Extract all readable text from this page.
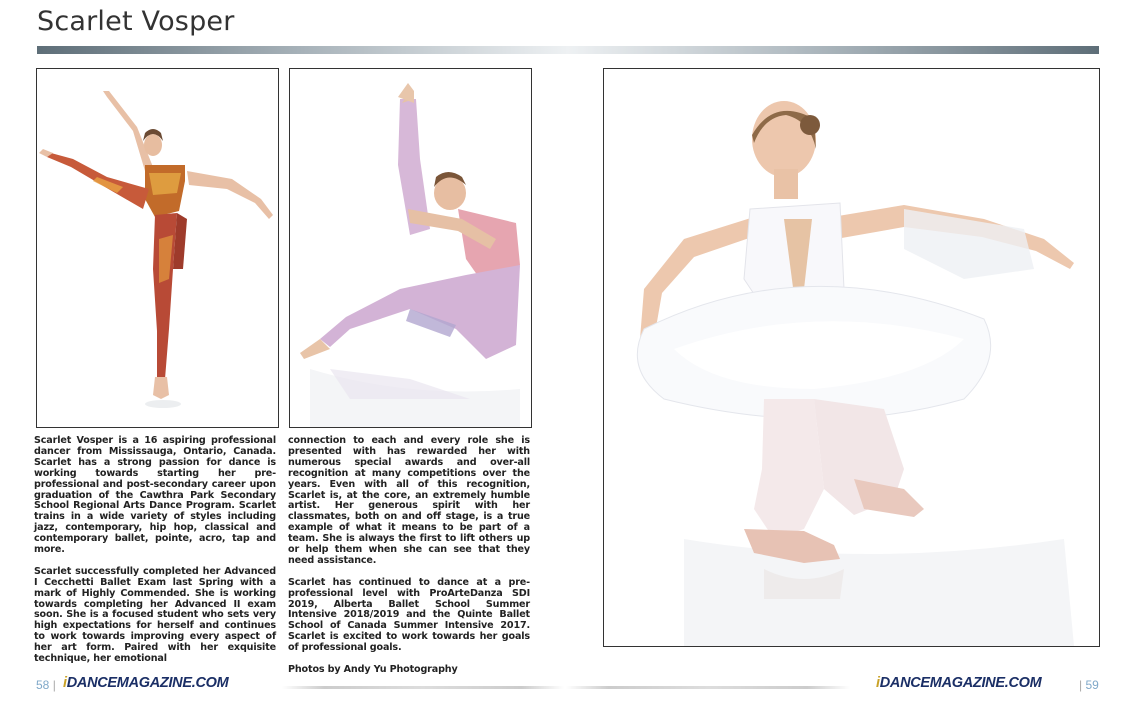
Scarlet Vosper

Scarlet Vosper is a 16 aspiring professional dancer from Mississauga, Ontario, Canada. Scarlet has a strong passion for dance is working towards starting her pre-professional and post-secondary career upon graduation of the Cawthra Park Secondary School Regional Arts Dance Program. Scarlet trains in a wide variety of styles including jazz, contemporary, hip hop, classical and contemporary ballet, pointe, acro, tap and more.

Scarlet successfully completed her Advanced I Cecchetti Ballet Exam last Spring with a mark of Highly Commended. She is working towards completing her Advanced II exam soon. She is a focused student who sets very high expectations for herself and continues to work towards improving every aspect of her art form. Paired with her exquisite technique, her emotional

connection to each and every role she is presented with has rewarded her with numerous special awards and over-all recognition at many competitions over the years. Even with all of this recognition, Scarlet is, at the core, an extremely humble artist. Her generous spirit with her classmates, both on and off stage, is a true example of what it means to be part of a team. She is always the first to lift others up or help them when she can see that they need assistance.

Scarlet has continued to dance at a pre-professional level with ProArteDanza SDI 2019, Alberta Ballet School Summer Intensive 2018/2019 and the Quinte Ballet School of Canada Summer Intensive 2017. Scarlet is excited to work towards her goals of professional goals.

Photos by Andy Yu Photography

58 | iDANCEMAGAZINE.COM	iDANCEMAGAZINE.COM	| 59
